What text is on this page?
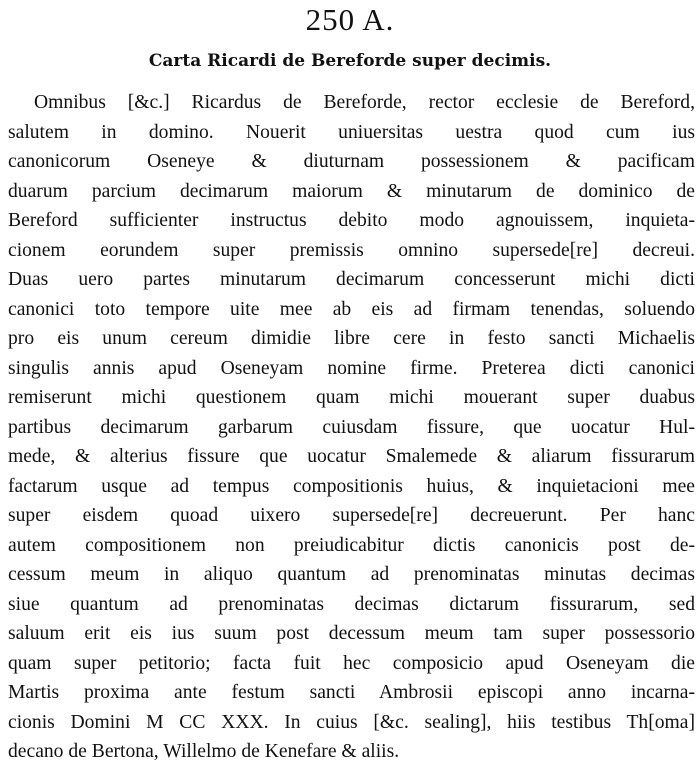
250 A.
Carta Ricardi de Bereforde super decimis.
Omnibus [&c.] Ricardus de Bereforde, rector ecclesie de Bereford,
salutem in domino. Nouerit uniuersitas uestra quod cum ius
canonicorum Oseneye & diuturnam possessionem & pacificam
duarum parcium decimarum maiorum & minutarum de dominico de
Bereford sufficienter instructus debito modo agnouissem, inquieta-
cionem eorundem super premissis omnino supersede[re] decreui.
Duas uero partes minutarum decimarum concesserunt michi dicti
canonici toto tempore uite mee ab eis ad firmam tenendas, soluendo
pro eis unum cereum dimidie libre cere in festo sancti Michaelis
singulis annis apud Oseneyam nomine firme. Preterea dicti canonici
remiserunt michi questionem quam michi mouerant super duabus
partibus decimarum garbarum cuiusdam fissure, que uocatur Hul-
mede, & alterius fissure que uocatur Smalemede & aliarum fissurarum
factarum usque ad tempus compositionis huius, & inquietacioni mee
super eisdem quoad uixero supersede[re] decreuerunt. Per hanc
autem compositionem non preiudicabitur dictis canonicis post de-
cessum meum in aliquo quantum ad prenominatas minutas decimas
siue quantum ad prenominatas decimas dictarum fissurarum, sed
saluum erit eis ius suum post decessum meum tam super possessorio
quam super petitorio; facta fuit hec composicio apud Oseneyam die
Martis proxima ante festum sancti Ambrosii episcopi anno incarna-
cionis Domini M CC XXX. In cuius [&c. sealing], hiis testibus Th[oma]
decano de Bertona, Willelmo de Kenefare & aliis.
